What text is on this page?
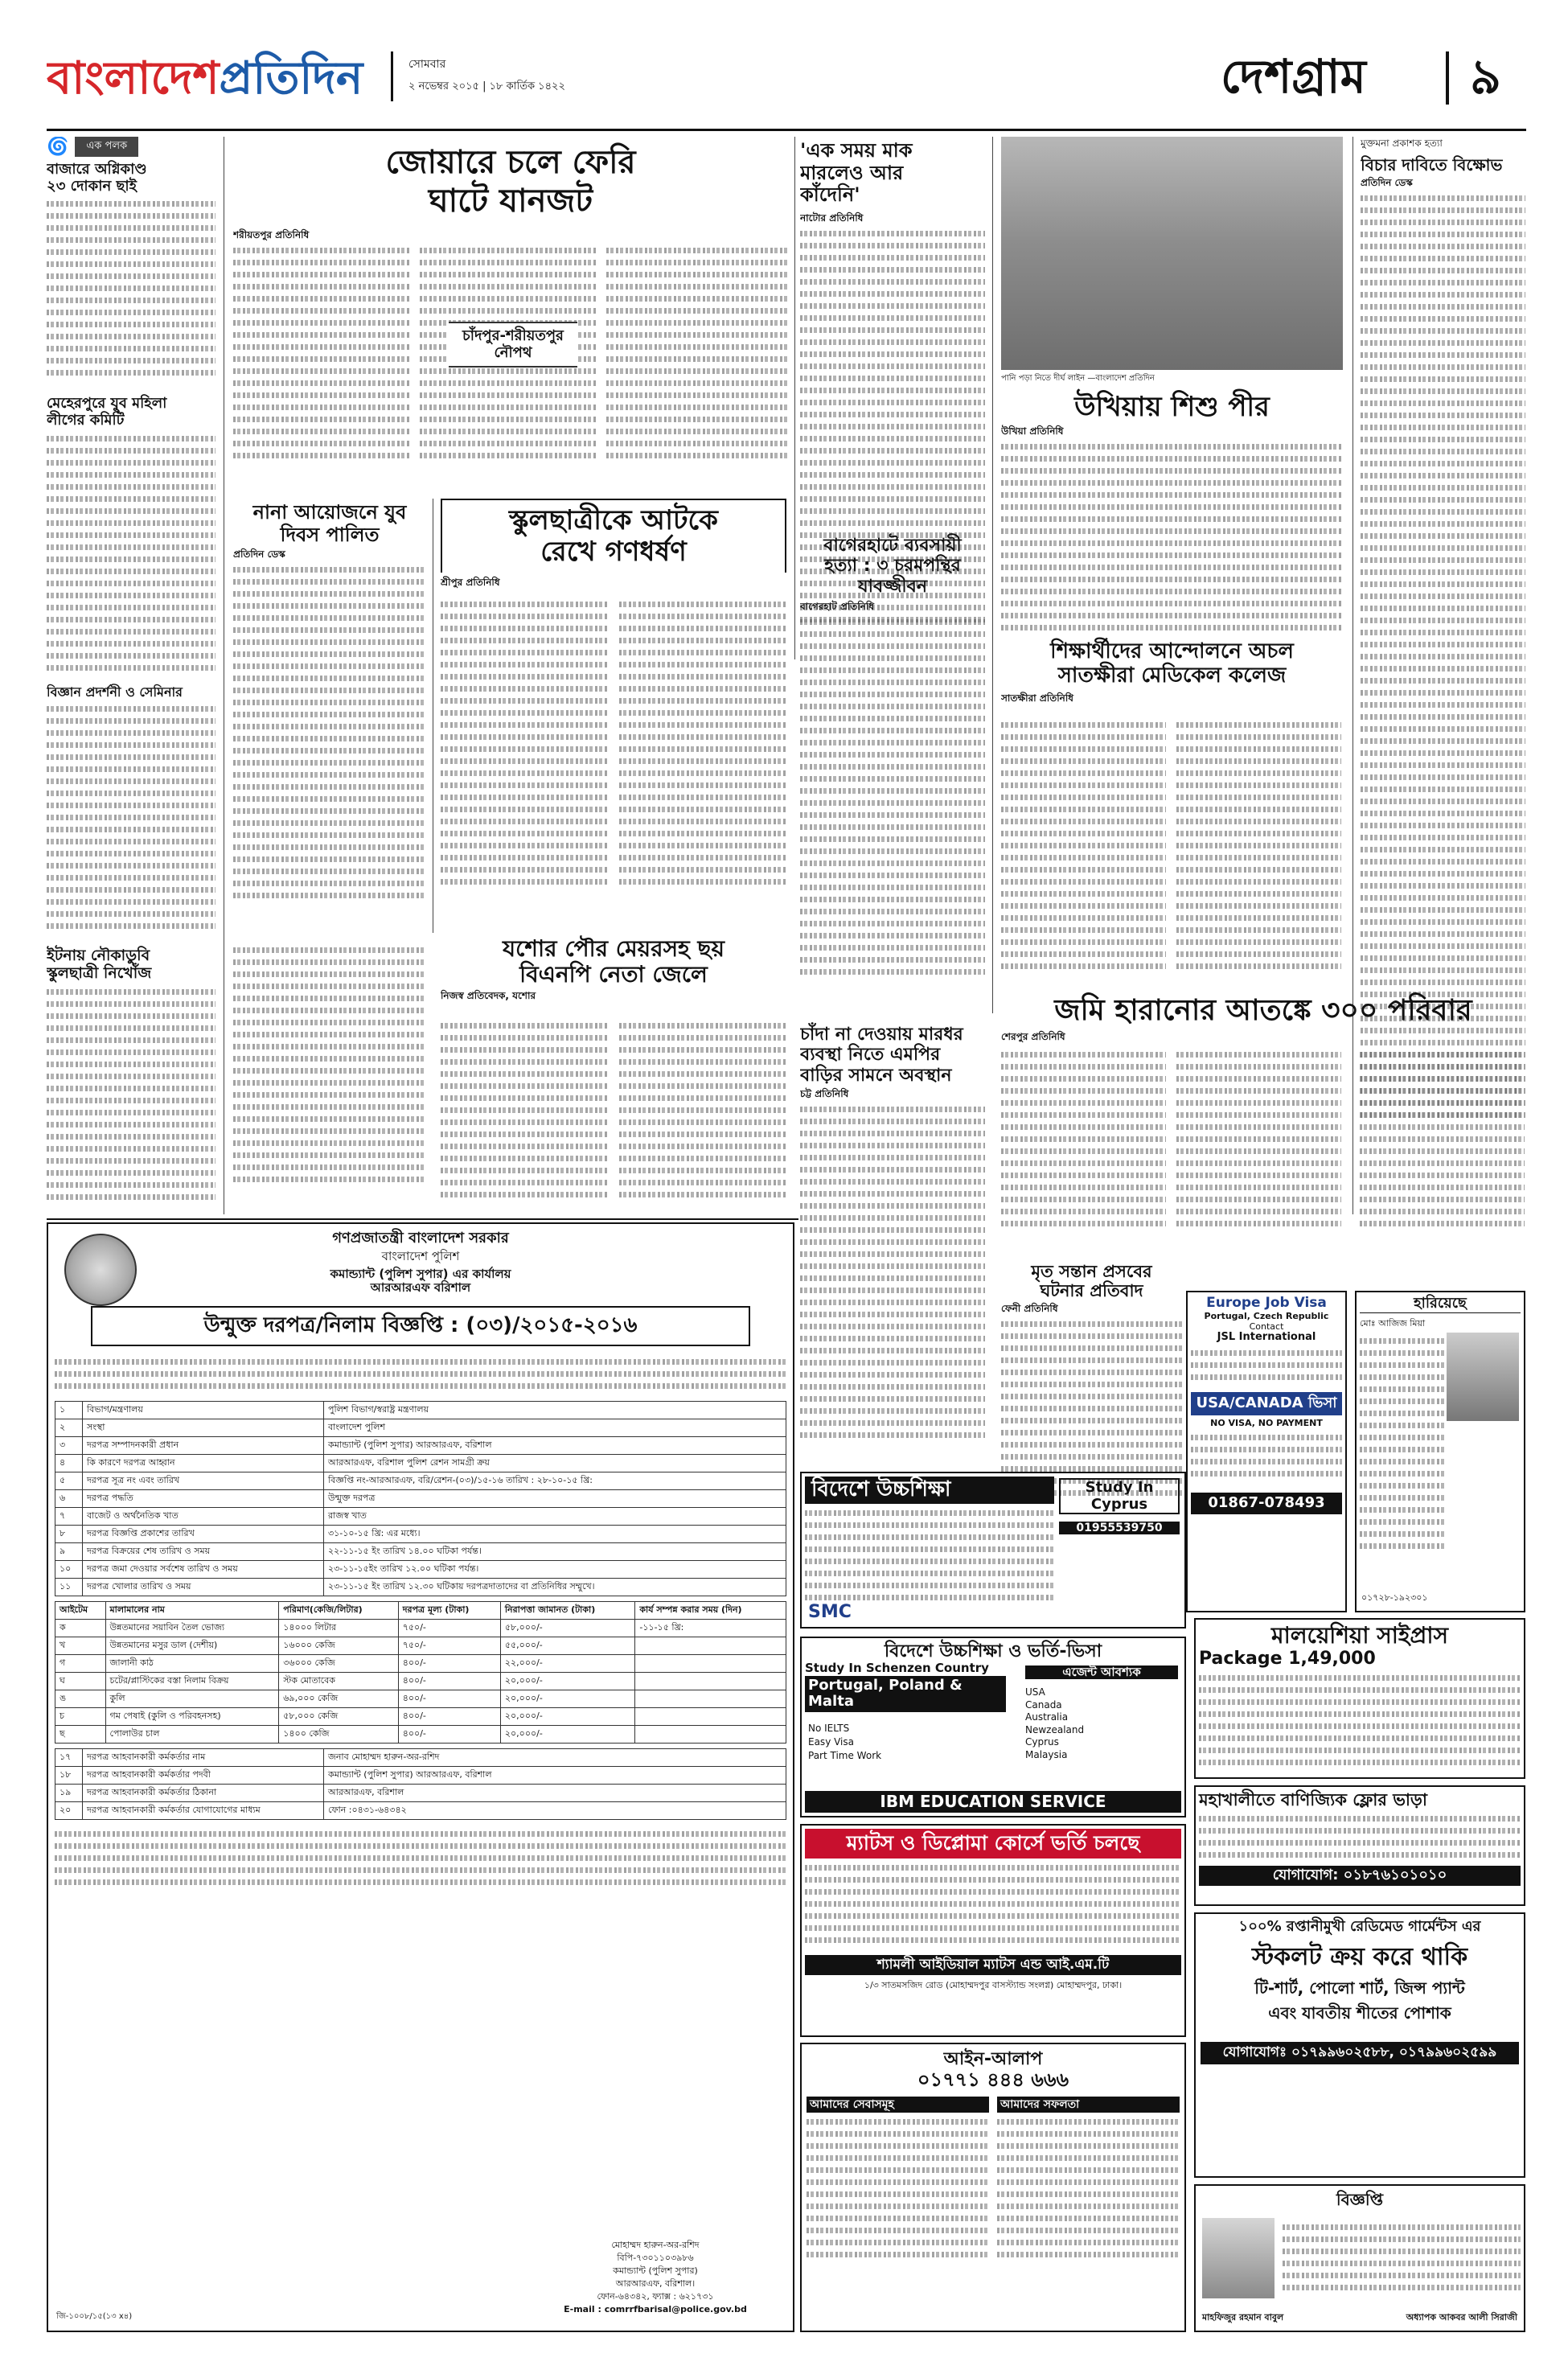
বাংলাদেশপ্রতিদিন	সোমবার
২ নভেম্বর ২০১৫ | ১৮ কার্তিক ১৪২২	দেশগ্রাম	৯
🌀	এক পলক
বাজারে অগ্নিকাণ্ড
২৩ দোকান ছাই
মেহেরপুরে যুব মহিলা
লীগের কমিটি
বিজ্ঞান প্রদর্শনী ও সেমিনার
ইটনায় নৌকাডুবি
স্কুলছাত্রী নিখোঁজ
জোয়ারে চলে ফেরি
ঘাটে যানজট
শরীয়তপুর প্রতিনিধি
চাঁদপুর-শরীয়তপুর
নৌপথ
'এক সময় মাক
মারলেও আর
কাঁদেনি'
নাটোর প্রতিনিধি
পানি পড়া নিতে দীর্ঘ লাইন —বাংলাদেশ প্রতিদিন
উখিয়ায় শিশু পীর
উখিয়া প্রতিনিধি
মুক্তমনা প্রকাশক হত্যা
বিচার দাবিতে বিক্ষোভ
প্রতিদিন ডেস্ক
নানা আয়োজনে যুব
দিবস পালিত
প্রতিদিন ডেস্ক
স্কুলছাত্রীকে আটকে
রেখে গণধর্ষণ
শ্রীপুর প্রতিনিধি
বাগেরহাটে ব্যবসায়ী
হত্যা : ৩ চরমপন্থির
যাবজ্জীবন
বাগেরহাট প্রতিনিধি
শিক্ষার্থীদের আন্দোলনে অচল
সাতক্ষীরা মেডিকেল কলেজ
সাতক্ষীরা প্রতিনিধি
যশোর পৌর মেয়রসহ ছয়
বিএনপি নেতা জেলে
নিজস্ব প্রতিবেদক, যশোর
চাঁদা না দেওয়ায় মারধর
ব্যবস্থা নিতে এমপির
বাড়ির সামনে অবস্থান
চট্ট প্রতিনিধি
জমি হারানোর আতঙ্কে ৩০০ পরিবার
শেরপুর প্রতিনিধি
মৃত সন্তান প্রসবের
ঘটনার প্রতিবাদ
ফেনী প্রতিনিধি
গণপ্রজাতন্ত্রী বাংলাদেশ সরকার
বাংলাদেশ পুলিশ
কমান্ড্যান্ট (পুলিশ সুপার) এর কার্যালয়
আরআরএফ বরিশাল
উন্মুক্ত দরপত্র/নিলাম বিজ্ঞপ্তি : (০৩)/২০১৫-২০১৬
১	বিভাগ/মন্ত্রণালয়	পুলিশ বিভাগ/স্বরাষ্ট্র মন্ত্রণালয়
২	সংস্থা	বাংলাদেশ পুলিশ
৩	দরপত্র সম্পাদনকারী প্রধান	কমান্ড্যান্ট (পুলিশ সুপার) আরআরএফ, বরিশাল
৪	কি কারণে দরপত্র আহ্বান	আরআরএফ, বরিশাল পুলিশ রেশন সামগ্রী ক্রয়
৫	দরপত্র সূত্র নং এবং তারিখ	বিজ্ঞপ্তি নং-আরআরএফ, বরি/রেশন-(০৩)/১৫-১৬ তারিখ : ২৮-১০-১৫ খ্রি:
৬	দরপত্র পদ্ধতি	উন্মুক্ত দরপত্র
৭	বাজেট ও অর্থনৈতিক খাত	রাজস্ব খাত
৮	দরপত্র বিজ্ঞপ্তি প্রকাশের তারিখ	৩১-১০-১৫ খ্রি: এর মধ্যে।
৯	দরপত্র বিক্রয়ের শেষ তারিখ ও সময়	২২-১১-১৫ ইং তারিখ ১৪.০০ ঘটিকা পর্যন্ত।
১০	দরপত্র জমা দেওয়ার সর্বশেষ তারিখ ও সময়	২৩-১১-১৫ইং তারিখ ১২.০০ ঘটিকা পর্যন্ত।
১১	দরপত্র খোলার তারিখ ও সময়	২৩-১১-১৫ ইং তারিখ ১২.৩০ ঘটিকায় দরপত্রদাতাদের বা প্রতিনিধির সম্মুখে।
আইটেম	মালামালের নাম	পরিমাণ(কেজি/লিটার)	দরপত্র মূল্য (টাকা)	নিরাপত্তা জামানত (টাকা)	কার্য সম্পন্ন করার সময় (দিন)
ক	উন্নতমানের সয়াবিন তৈল ভোজ্য	১৪০০০ লিটার	৭৫০/-	৫৮,০০০/-	-১১-১৫ খ্রি:
খ	উন্নতমানের মসুর ডাল (দেশীয়)	১৬০০০ কেজি	৭৫০/-	৫৫,০০০/-	
গ	জালানী কাঠ	৩৬০০০ কেজি	৪০০/-	২২,০০০/-	
ঘ	চটের/প্লাস্টিকের বস্তা নিলাম বিক্রয়	স্টক মোতাবেক	৪০০/-	২০,০০০/-	
ঙ	কুলি	৬৯,০০০ কেজি	৪০০/-	২০,০০০/-	
চ	গম পেষাই (কুলি ও পরিবহনসহ)	৫৮,০০০ কেজি	৪০০/-	২০,০০০/-	
ছ	পোলাউর চাল	১৪০০ কেজি	৪০০/-	২০,০০০/-	
১৭	দরপত্র আহবানকারী কর্মকর্তার নাম	জনাব মোহাম্মদ হারুন-অর-রশিদ
১৮	দরপত্র আহবানকারী কর্মকর্তার পদবী	কমান্ড্যান্ট (পুলিশ সুপার) আরআরএফ, বরিশাল
১৯	দরপত্র আহবানকারী কর্মকর্তার ঠিকানা	আরআরএফ, বরিশাল
২০	দরপত্র আহবানকারী কর্মকর্তার যোগাযোগের মাধ্যম	ফোন :০৪৩১-৬৪৩৪২
মোহাম্মদ হারুন-অর-রশিদ
বিপি-৭৩০১১০৩৯৮৬
কমান্ড্যান্ট (পুলিশ সুপার)
আরআরএফ, বরিশাল।
ফোন-৬৪৩৪২, ফ্যাক্স : ৬২১৭৩১
E-mail : comrrfbarisal@police.gov.bd
জি-১০০৮/১৫(১৩ x৪)
Europe Job Visa
Portugal, Czech Republic
Contact
JSL International
USA/CANADA ভিসা
NO VISA, NO PAYMENT
01867-078493
হারিয়েছে
মোঃ আজিজ মিয়া
০১৭২৮-১৯২৩০১
বিদেশে উচ্চশিক্ষা	Study In Cyprus
01955539750
SMC
মালয়েশিয়া সাইপ্রাস
Package 1,49,000
বিদেশে উচ্চশিক্ষা ও ভর্তি-ভিসা
Study In Schenzen Country
Portugal, Poland & Malta
No IELTS
Easy Visa
Part Time Work
এজেন্ট আবশ্যক
USA
Canada
Australia
Newzealand
Cyprus
Malaysia
IBM EDUCATION SERVICE	মহাখালীতে বাণিজ্যিক ফ্লোর ভাড়া
যোগাযোগ: ০১৮৭৬১০১০১০
ম্যাটস ও ডিপ্লোমা কোর্সে ভর্তি চলছে
শ্যামলী আইডিয়াল ম্যাটস এন্ড আই.এম.টি
১/৩ সাতমসজিদ রোড (মোহাম্মদপুর বাসস্ট্যান্ড সংলগ্ন) মোহাম্মদপুর, ঢাকা।
১০০% রপ্তানীমুখী রেডিমেড গার্মেন্টস এর
স্টকলট ক্রয় করে থাকি
টি-শার্ট, পোলো শার্ট, জিন্স প্যান্ট
এবং যাবতীয় শীতের পোশাক
যোগাযোগঃ ০১৭৯৯৬০২৫৮৮, ০১৭৯৯৬০২৫৯৯
আইন-আলাপ
০১৭৭১ ৪৪৪ ৬৬৬
আমাদের সেবাসমূহ	আমাদের সফলতা
বিজ্ঞপ্তি
মাহফিজুর রহমান বাবুল	অধ্যাপক আকবর আলী সিরাজী
